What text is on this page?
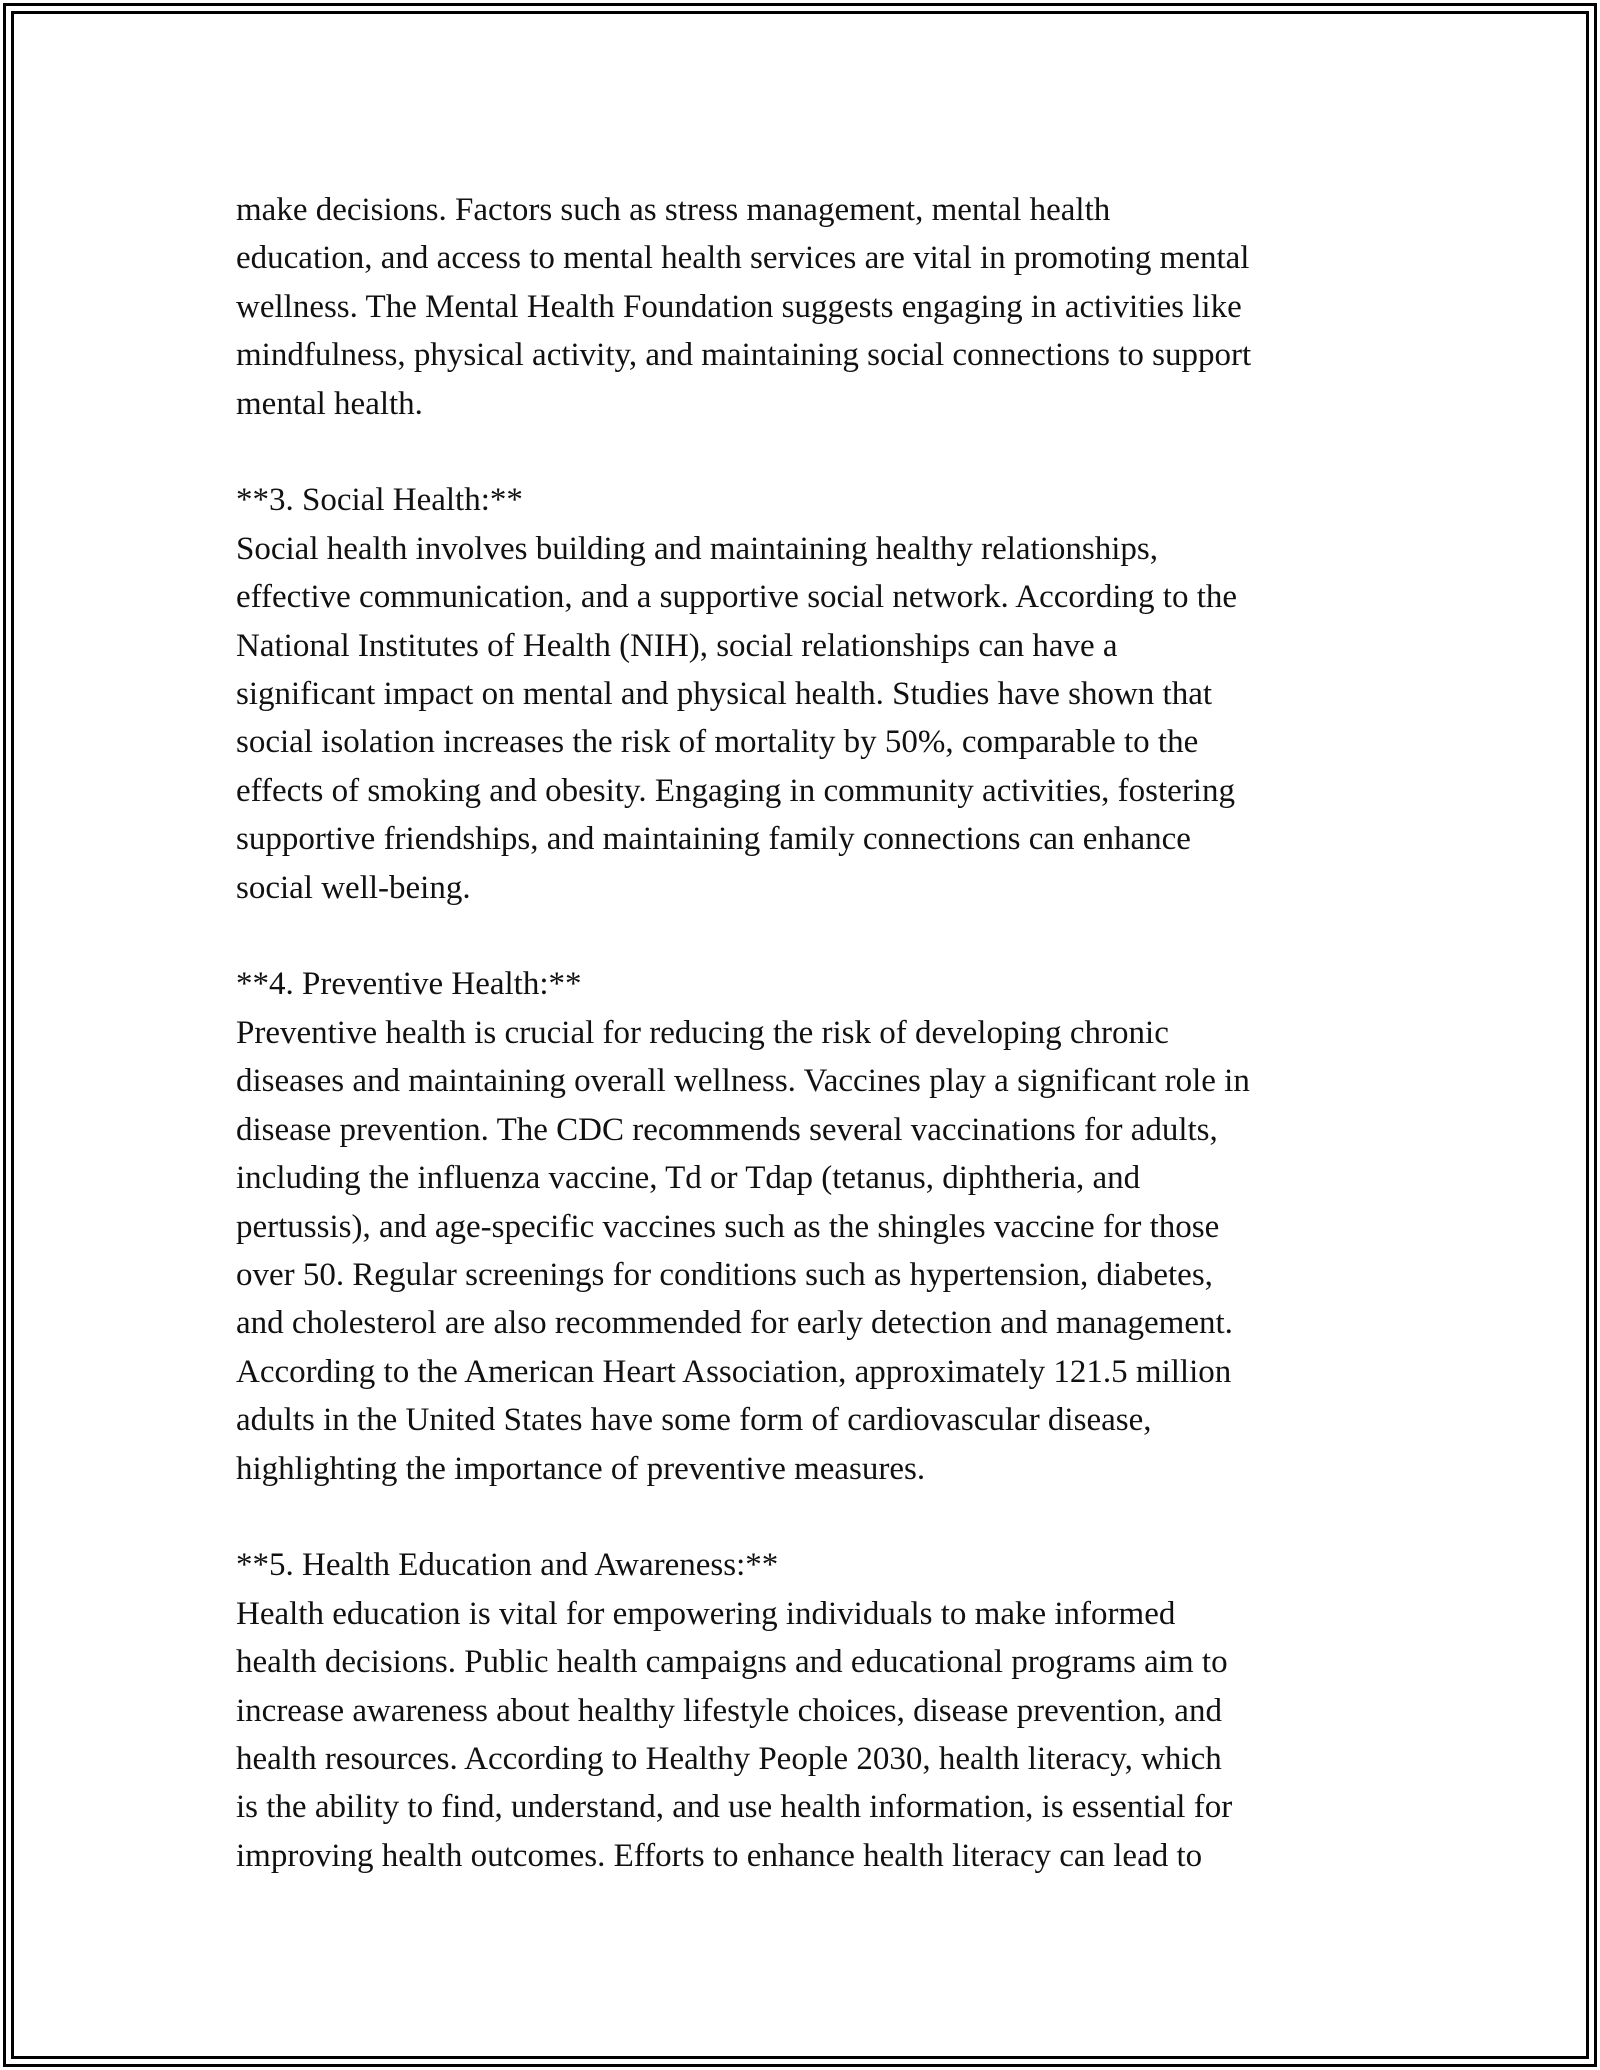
make decisions. Factors such as stress management, mental health

education, and access to mental health services are vital in promoting mental

wellness. The Mental Health Foundation suggests engaging in activities like

mindfulness, physical activity, and maintaining social connections to support

mental health.

**3. Social Health:**

Social health involves building and maintaining healthy relationships,

effective communication, and a supportive social network. According to the

National Institutes of Health (NIH), social relationships can have a

significant impact on mental and physical health. Studies have shown that

social isolation increases the risk of mortality by 50%, comparable to the

effects of smoking and obesity. Engaging in community activities, fostering

supportive friendships, and maintaining family connections can enhance

social well-being.

**4. Preventive Health:**

Preventive health is crucial for reducing the risk of developing chronic

diseases and maintaining overall wellness. Vaccines play a significant role in

disease prevention. The CDC recommends several vaccinations for adults,

including the influenza vaccine, Td or Tdap (tetanus, diphtheria, and

pertussis), and age-specific vaccines such as the shingles vaccine for those

over 50. Regular screenings for conditions such as hypertension, diabetes,

and cholesterol are also recommended for early detection and management.

According to the American Heart Association, approximately 121.5 million

adults in the United States have some form of cardiovascular disease,

highlighting the importance of preventive measures.

**5. Health Education and Awareness:**

Health education is vital for empowering individuals to make informed

health decisions. Public health campaigns and educational programs aim to

increase awareness about healthy lifestyle choices, disease prevention, and

health resources. According to Healthy People 2030, health literacy, which

is the ability to find, understand, and use health information, is essential for

improving health outcomes. Efforts to enhance health literacy can lead to
